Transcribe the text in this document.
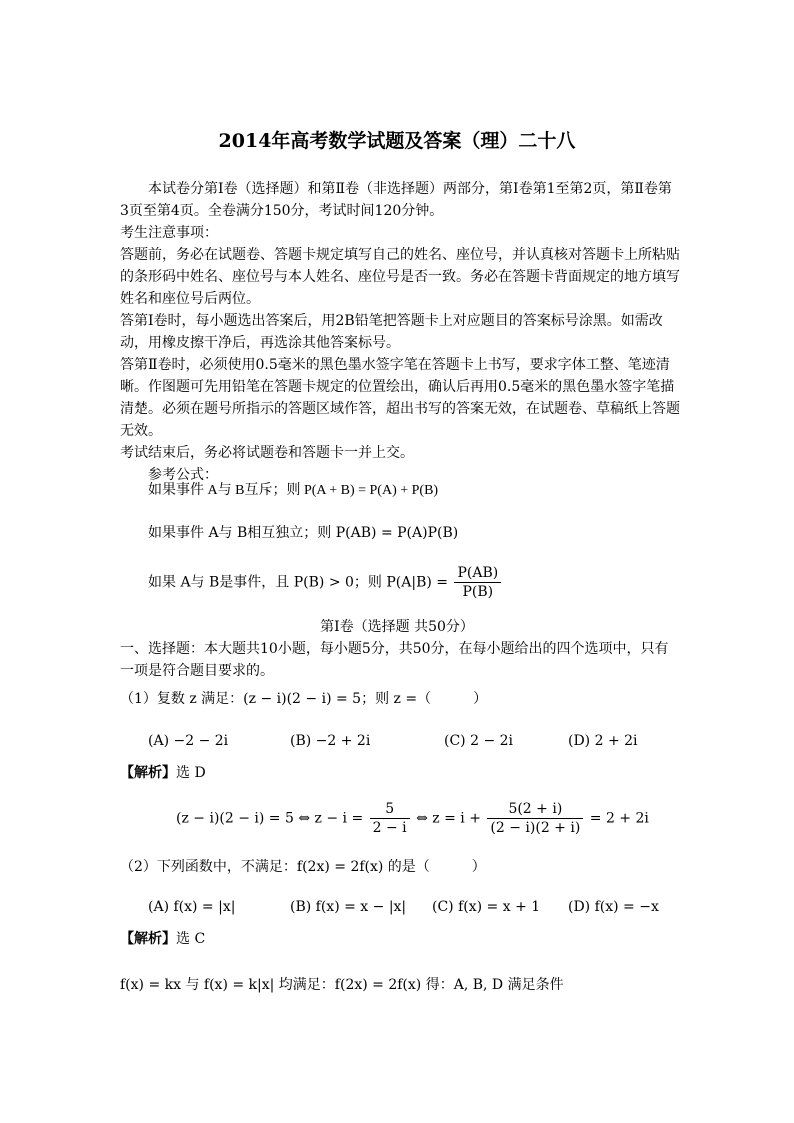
2014年高考数学试题及答案（理）二十八

本试卷分第Ⅰ卷（选择题）和第Ⅱ卷（非选择题）两部分，第Ⅰ卷第1至第2页，第Ⅱ卷第3页至第4页。全卷满分150分，考试时间120分钟。

考生注意事项：

答题前，务必在试题卷、答题卡规定填写自己的姓名、座位号，并认真核对答题卡上所粘贴的条形码中姓名、座位号与本人姓名、座位号是否一致。务必在答题卡背面规定的地方填写姓名和座位号后两位。

答第Ⅰ卷时，每小题选出答案后，用2B铅笔把答题卡上对应题目的答案标号涂黑。如需改动，用橡皮擦干净后，再选涂其他答案标号。

答第Ⅱ卷时，必须使用0.5毫米的黑色墨水签字笔在答题卡上书写，要求字体工整、笔迹清晰。作图题可先用铅笔在答题卡规定的位置绘出，确认后再用0.5毫米的黑色墨水签字笔描清楚。必须在题号所指示的答题区域作答，超出书写的答案无效，在试题卷、草稿纸上答题无效。

考试结束后，务必将试题卷和答题卡一并上交。

参考公式：
如果事件 A与 B互斥；则 P(A + B) = P(A) + P(B)
如果事件 A与 B相互独立；则 P(AB) = P(A)P(B)
如果 A与 B是事件，且 P(B) > 0；则 $P(A|B) = \frac{P(AB)}{P(B)}$
第Ⅰ卷（选择题 共50分）

一、选择题：本大题共10小题，每小题5分，共50分，在每小题给出的四个选项中，只有一项是符合题目要求的。

（1）复数 z 满足：(z − i)(2 − i) = 5；则 z =（　　　）
(A) −2 − 2i	(B) −2 + 2i	(C) 2 − 2i	(D) 2 + 2i
【解析】选 D
(z − i)(2 − i) = 5 ⇔ $z - i = \frac{5}{2 - i}$ ⇔ $z = i + \frac{5(2 + i)}{(2 - i)(2 + i)} = 2 + 2i$
（2）下列函数中，不满足：f(2x) = 2f(x) 的是（　　　）
(A) f(x) = |x|	(B) f(x) = x − |x| (C) f(x) = x + 1 (D) f(x) = −x
【解析】选 C
f(x) = kx 与 f(x) = k|x| 均满足：f(2x) = 2f(x) 得：A, B, D 满足条件
